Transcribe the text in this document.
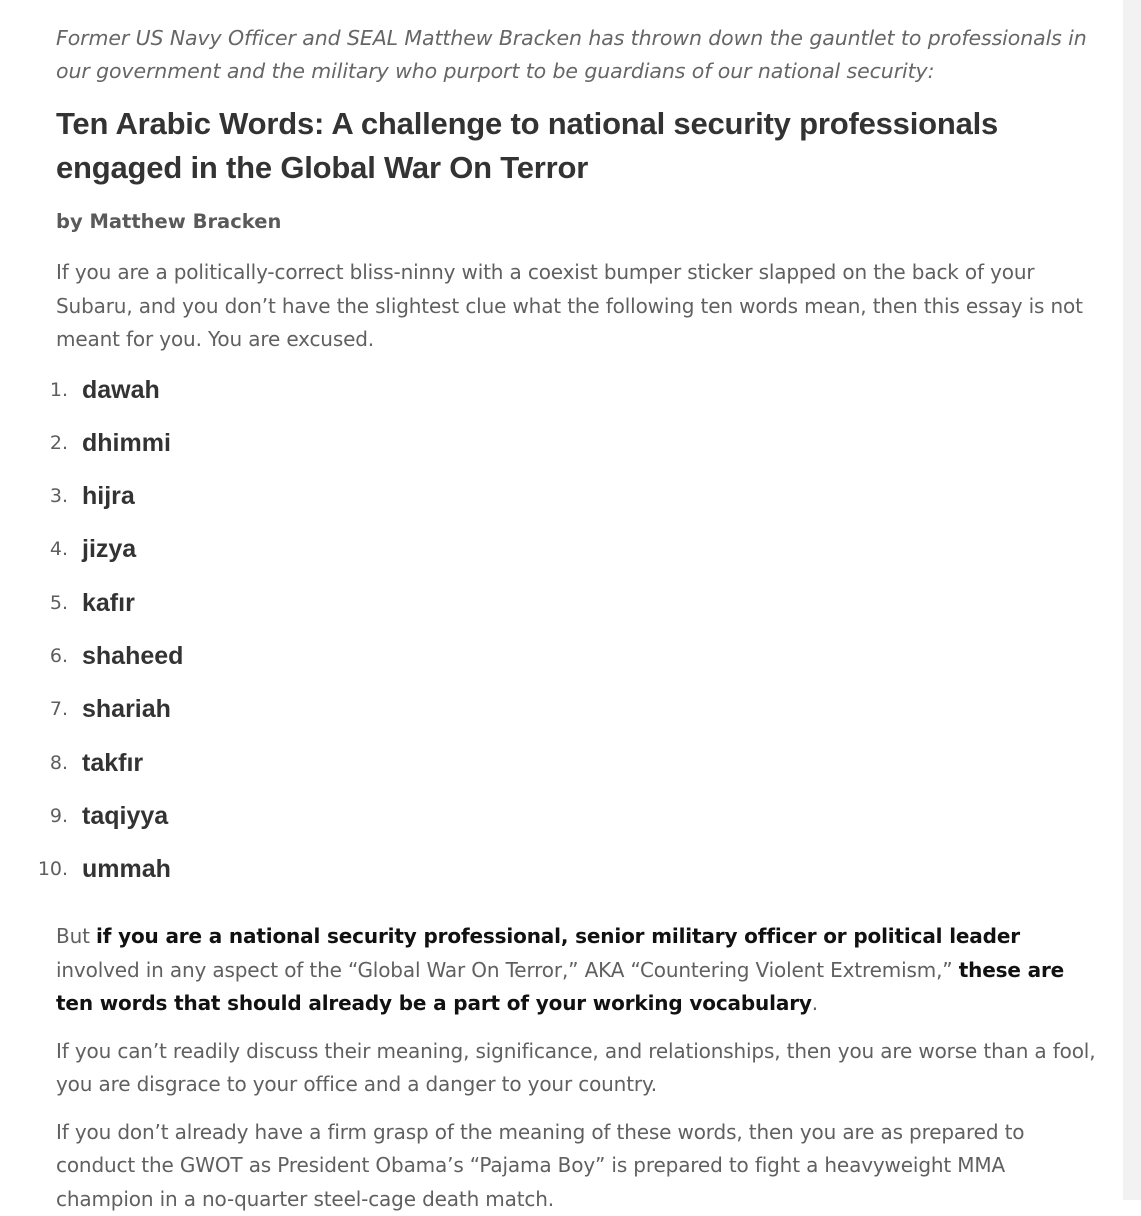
Former US Navy Officer and SEAL Matthew Bracken has thrown down the gauntlet to professionals in our government and the military who purport to be guardians of our national security:

Ten Arabic Words: A challenge to national security professionals engaged in the Global War On Terror
by Matthew Bracken

If you are a politically-correct bliss-ninny with a coexist bumper sticker slapped on the back of your Subaru, and you don’t have the slightest clue what the following ten words mean, then this essay is not meant for you. You are excused.

1 . dawah
2 . dhimmi
3 . hijra
4 . jizya
5 . kafır
6 . shaheed
7 . shariah
8 . takfır
9 . taqiyya
10 . ummah

But if you are a national security professional, senior military officer or political leader involved in any aspect of the “Global War On Terror,” AKA “Countering Violent Extremism,” these are ten words that should already be a part of your working vocabulary.

If you can’t readily discuss their meaning, significance, and relationships, then you are worse than a fool, you are disgrace to your office and a danger to your country.

If you don’t already have a firm grasp of the meaning of these words, then you are as prepared to conduct the GWOT as President Obama’s “Pajama Boy” is prepared to fight a heavyweight MMA champion in a no-quarter steel-cage death match.
